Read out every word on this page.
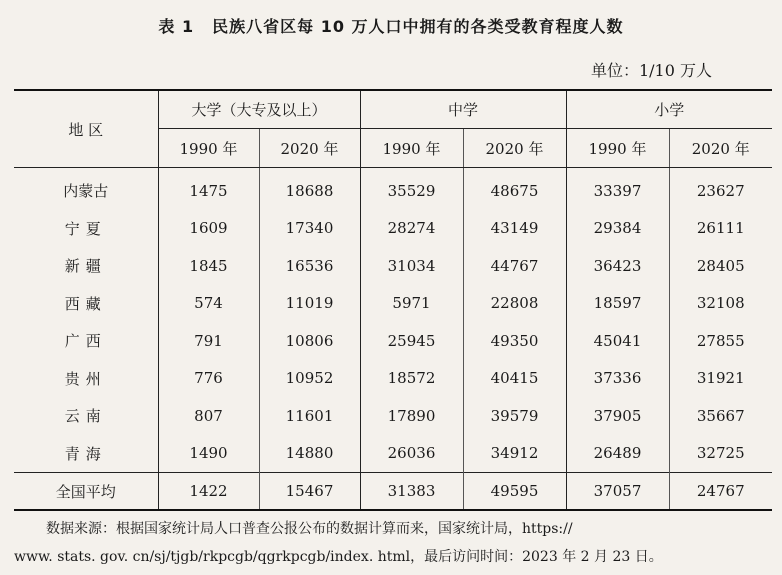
表 1 民族八省区每 10 万人口中拥有的各类受教育程度人数
单位：1/10 万人
地 区	大学（大专及以上）		中学		小学	
	1990 年	2020 年	1990 年	2020 年	1990 年	2020 年
内蒙古	1475	18688	35529	48675	33397	23627
宁夏	1609	17340	28274	43149	29384	26111
新疆	1845	16536	31034	44767	36423	28405
西藏	574	11019	5971	22808	18597	32108
广西	791	10806	25945	49350	45041	27855
贵州	776	10952	18572	40415	37336	31921
云南	807	11601	17890	39579	37905	35667
青海	1490	14880	26036	34912	26489	32725
全国平均	1422	15467	31383	49595	37057	24767
数据来源：根据国家统计局人口普查公报公布的数据计算而来，国家统计局，https://
www. stats. gov. cn/sj/tjgb/rkpcgb/qgrkpcgb/index. html，最后访问时间：2023 年 2 月 23 日。
